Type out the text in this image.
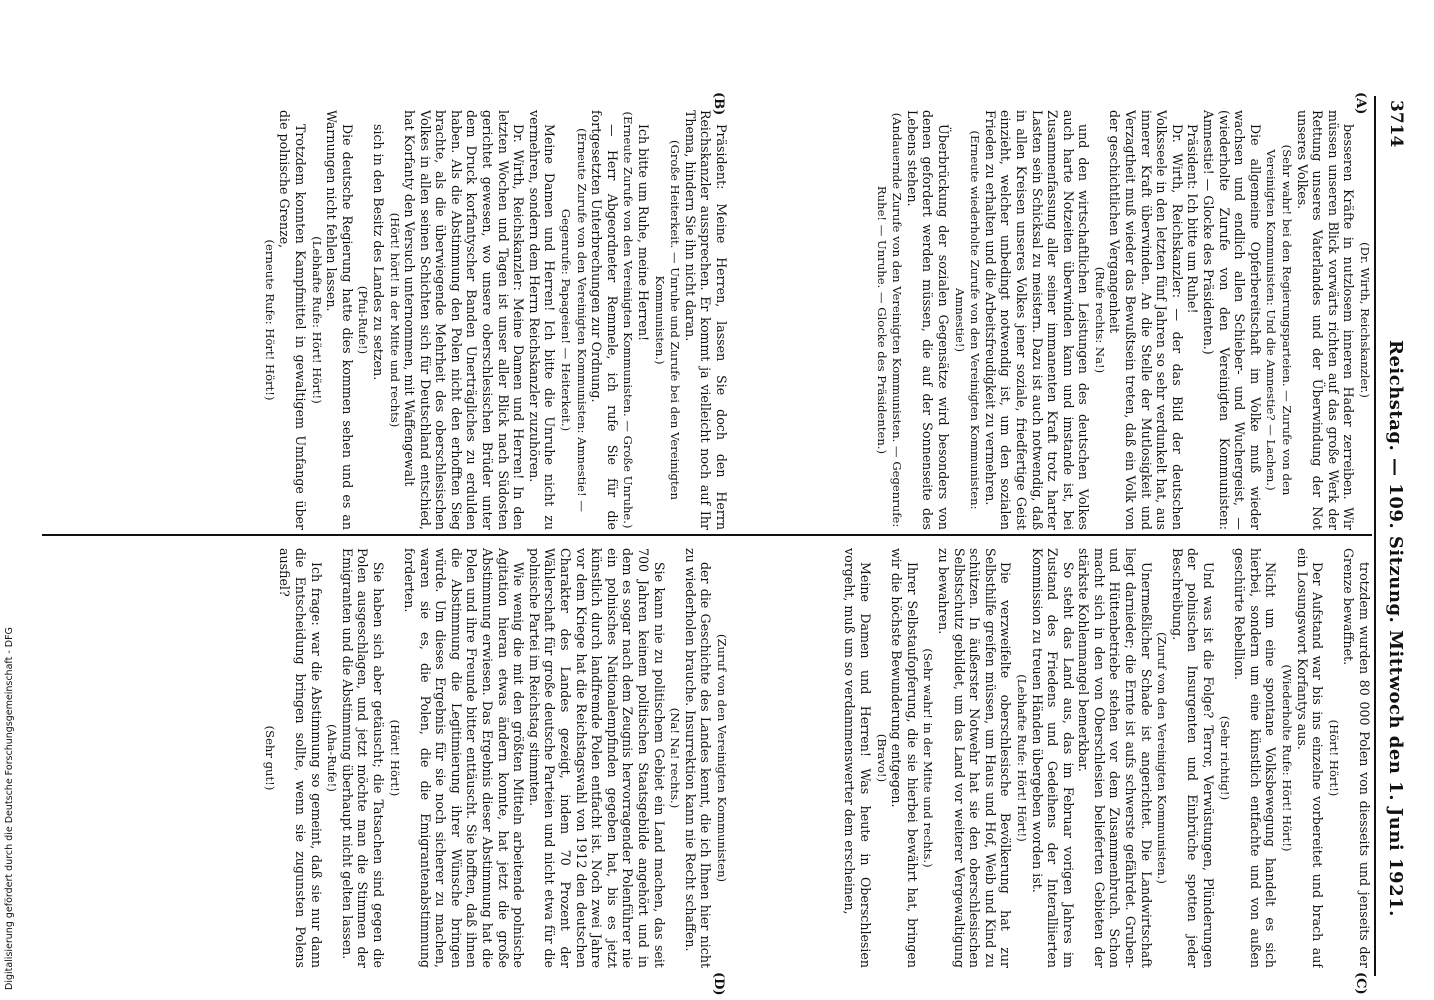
3714
Reichstag. — 109. Sitzung. Mittwoch den 1. Juni 1921.
(A)
(B)
(C)
(D)

(Dr. Wirth, Reichskanzler.)

besseren Kräfte in nutzlosem inneren Hader zerreiben. Wir müssen unseren Blick vorwärts richten auf das große Werk der Rettung unseres Vaterlandes und der Überwindung der Not unseres Volkes.

(Sehr wahr! bei den Regierungsparteien. — Zurufe von den Vereinigten Kommunisten: Und die Amnestie? — Lachen.)

Die allgemeine Opferbereitschaft im Volke muß wieder wachsen und endlich allen Schieber- und Wuchergeist, — (wiederholte Zurufe von den Vereinigten Kommunisten: Amnestie! — Glocke des Präsidenten.)

Präsident: Ich bitte um Ruhe!

Dr. Wirth, Reichskanzler: — der das Bild der deutschen Volksseele in den letzten fünf Jahren so sehr verdunkelt hat, aus innerer Kraft überwinden. An die Stelle der Mutlosigkeit und Verzagtheit muß wieder das Bewußtsein treten, daß ein Volk von der geschichtlichen Vergangenheit

(Rufe rechts: Na!)

und den wirtschaftlichen Leistungen des deutschen Volkes auch harte Notzeiten überwinden kann und imstande ist, bei Zusammenfassung aller seiner immanenten Kraft trotz harter Lasten sein Schicksal zu meistern. Dazu ist auch notwendig, daß in allen Kreisen unseres Volkes jener soziale, friedfertige Geist einzieht, welcher unbedingt notwendig ist, um den sozialen Frieden zu erhalten und die Arbeitsfreudigkeit zu vermehren.

(Erneute wiederholte Zurufe von den Vereinigten Kommunisten: Amnestie!)

Überbrückung der sozialen Gegensätze wird besonders von denen gefordert werden müssen, die auf der Sonnenseite des Lebens stehen.

(Andauernde Zurufe von den Vereinigten Kommunisten. — Gegenrufe: Ruhe! — Unruhe. — Glocke des Präsidenten.)

Präsident: Meine Herren, lassen Sie doch den Herrn Reichskanzler aussprechen. Er kommt ja vielleicht noch auf Ihr Thema, hindern Sie ihn nicht daran.

(Große Heiterkeit. — Unruhe und Zurufe bei den Vereinigten Kommunisten.)

Ich bitte um Ruhe, meine Herren!

(Erneute Zurufe von den Vereinigten Kommunisten. — Große Unruhe.)

— Herr Abgeordneter Remmele, ich rufe Sie für die fortgesetzten Unterbrechungen zur Ordnung.

(Erneute Zurufe von den Vereinigten Kommunisten: Amnestie! — Gegenrufe: Papageien! — Heiterkeit.)

Meine Damen und Herren! Ich bitte die Unruhe nicht zu vermehren, sondern dem Herrn Reichskanzler zuzuhören.

Dr. Wirth, Reichskanzler: Meine Damen und Herren! In den letzten Wochen und Tagen ist unser aller Blick nach Südosten gerichtet gewesen, wo unsere oberschlesischen Brüder unter dem Druck korfantyscher Banden Unerträgliches zu erdulden haben. Als die Abstimmung den Polen nicht den erhofften Sieg brachte, als die überwiegende Mehrheit des oberschlesischen Volkes in allen seinen Schichten sich für Deutschland entschied, hat Korfanty den Versuch unternommen, mit Waffengewalt

(Hört! hört! in der Mitte und rechts)

sich in den Besitz des Landes zu setzen.

(Pfui-Rufe!)

Die deutsche Regierung hatte dies kommen sehen und es an Warnungen nicht fehlen lassen.

(Lebhafte Rufe: Hört! Hört!)

Trotzdem konnten Kampfmittel in gewaltigem Umfange über die polnische Grenze,

(erneute Rufe: Hört! Hört!)

trotzdem wurden 80 000 Polen von diesseits und jenseits der Grenze bewaffnet.

(Hört! Hört!)

Der Aufstand war bis ins einzelne vorbereitet und brach auf ein Losungswort Korfantys aus.

(Wiederholte Rufe: Hört! Hört!)

Nicht um eine spontane Volksbewegung handelt es sich hierbei, sondern um eine künstlich entfachte und von außen geschürte Rebellion.

(Sehr richtig!)

Und was ist die Folge? Terror, Verwüstungen, Plünderungen der polnischen Insurgenten und Einbrüche spotten jeder Beschreibung.

(Zuruf von den Vereinigten Kommunisten.)

Unermeßlicher Schade ist angerichtet. Die Landwirtschaft liegt darnieder; die Ernte ist aufs schwerste gefährdet. Gruben- und Hüttenbetriebe stehen vor dem Zusammenbruch. Schon macht sich in den von Oberschlesien belieferten Gebieten der stärkste Kohlenmangel bemerkbar.

So steht das Land aus, das im Februar vorigen Jahres im Zustand des Friedens und Gedeihens der Interalliierten Kommission zu treuen Händen übergeben worden ist.

(Lebhafte Rufe: Hört! Hört!)

Die verzweifelte oberschlesische Bevölkerung hat zur Selbsthilfe greifen müssen, um Haus und Hof, Weib und Kind zu schützen. In äußerster Notwehr hat sie den oberschlesischen Selbstschutz gebildet, um das Land vor weiterer Vergewaltigung zu bewahren.

(Sehr wahr! in der Mitte und rechts.)

Ihrer Selbstaufopferung, die sie hierbei bewährt hat, bringen wir die höchste Bewunderung entgegen.

(Bravo!)

Meine Damen und Herren! Was heute in Oberschlesien vorgeht, muß um so verdammenswerter dem erscheinen,

(Zuruf von den Vereinigten Kommunisten)

der die Geschichte des Landes kennt, die ich Ihnen hier nicht zu wiederholen brauche. Insurrektion kann nie Recht schaffen.

(Na! Na! rechts.)

Sie kann nie zu politischem Gebiet ein Land machen, das seit 700 Jahren keinem politischen Staatsgebilde angehört und in dem es sogar nach dem Zeugnis hervorragender Polenführer nie ein polnisches Nationalempfinden gegeben hat, bis es jetzt künstlich durch landfremde Polen entfacht ist. Noch zwei Jahre vor dem Kriege hat die Reichstagswahl von 1912 den deutschen Charakter des Landes gezeigt, indem 70 Prozent der Wählerschaft für große deutsche Parteien und nicht etwa für die polnische Partei im Reichstag stimmten.

Wie wenig die mit den größten Mitteln arbeitende polnische Agitation hieran etwas ändern konnte, hat jetzt die große Abstimmung erwiesen. Das Ergebnis dieser Abstimmung hat die Polen und ihre Freunde bitter enttäuscht. Sie hofften, daß ihnen die Abstimmung die Legitimierung ihrer Wünsche bringen würde. Um dieses Ergebnis für sie noch sicherer zu machen, waren sie es, die Polen, die die Emigrantenabstimmung forderten.

(Hört! Hört!)

Sie haben sich aber getäuscht; die Tatsachen sind gegen die Polen ausgeschlagen, und jetzt möchte man die Stimmen der Emigranten und die Abstimmung überhaupt nicht gelten lassen.

(Aha-Rufe!)

Ich frage: war die Abstimmung so gemeint, daß sie nur dann die Entscheidung bringen sollte, wenn sie zugunsten Polens ausfiel?

(Sehr gut!)

Digitalisierung gefördert durch die Deutsche Forschungsgemeinschaft - DFG
